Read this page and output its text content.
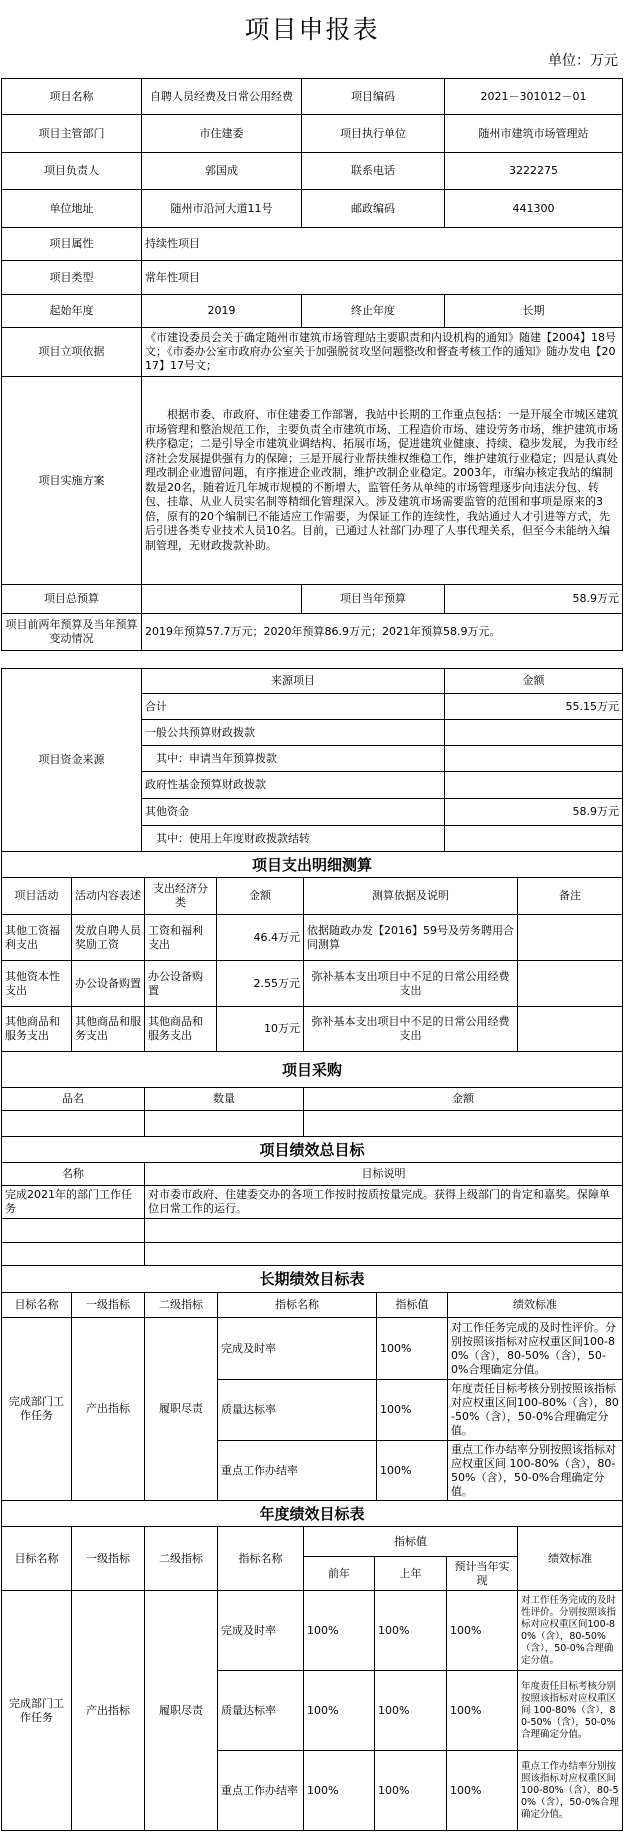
项目申报表
单位：万元
项目名称	自聘人员经费及日常公用经费	项目编码	2021－301012－01
项目主管部门	市住建委	项目执行单位	随州市建筑市场管理站
项目负责人	郭国成	联系电话	3222275
单位地址	随州市沿河大道11号	邮政编码	441300
项目属性	持续性项目		
项目类型	常年性项目		
起始年度	2019	终止年度	长期
项目立项依据	《市建设委员会关于确定随州市建筑市场管理站主要职责和内设机构的通知》随建【2004】18号文；《市委办公室市政府办公室关于加强脱贫攻坚问题整改和督查考核工作的通知》随办发电【2017】17号文；		
项目实施方案	根据市委、市政府、市住建委工作部署，我站中长期的工作重点包括：一是开展全市城区建筑市场管理和整治规范工作，主要负责全市建筑市场、工程造价市场、建设劳务市场，维护建筑市场秩序稳定；二是引导全市建筑业调结构、拓展市场，促进建筑业健康、持续、稳步发展，为我市经济社会发展提供强有力的保障；三是开展行业帮扶维权维稳工作，维护建筑行业稳定；四是认真处理改制企业遗留问题，有序推进企业改制，维护改制企业稳定。2003年，市编办核定我站的编制数是20名，随着近几年城市规模的不断增大，监管任务从单纯的市场管理逐步向违法分包、转包、挂靠、从业人员实名制等精细化管理深入。涉及建筑市场需要监管的范围和事项是原来的3倍，原有的20个编制已不能适应工作需要，为保证工作的连续性，我站通过人才引进等方式，先后引进各类专业技术人员10名。目前，已通过人社部门办理了人事代理关系，但至今未能纳入编制管理，无财政拨款补助。		
项目总预算		项目当年预算	58.9万元
项目前两年预算及当年预算变动情况	2019年预算57.7万元；2020年预算86.9万元；2021年预算58.9万元。		
项目资金来源	来源项目	金额
	合计	55.15万元
	一般公共预算财政拨款	
	其中：申请当年预算拨款	
	政府性基金预算财政拨款	
	其他资金	58.9万元
	其中：使用上年度财政拨款结转	
项目支出明细测算					
项目活动	活动内容表述	支出经济分类	金额	测算依据及说明	备注
其他工资福利支出	发放自聘人员奖励工资	工资和福利支出	46.4万元	依据随政办发【2016】59号及劳务聘用合同测算	
其他资本性支出	办公设备购置	办公设备购置	2.55万元	弥补基本支出项目中不足的日常公用经费支出	
其他商品和服务支出	其他商品和服务支出	其他商品和服务支出	10万元	弥补基本支出项目中不足的日常公用经费支出	
项目采购		
品名	数量	金额

项目绩效总目标	
名称	目标说明
完成2021年的部门工作任务	对市委市政府、住建委交办的各项工作按时按质按量完成。获得上级部门的肯定和嘉奖。保障单位日常工作的运行。

长期绩效目标表					
目标名称	一级指标	二级指标	指标名称	指标值	绩效标准
完成部门工作任务	产出指标	履职尽责	完成及时率	100%	对工作任务完成的及时性评价。分别按照该指标对应权重区间100-80%（含），80-50%（含），50-0%合理确定分值。
			质量达标率	100%	年度责任目标考核分别按照该指标对应权重区间100-80%（含），80-50%（含），50-0%合理确定分值。
			重点工作办结率	100%	重点工作办结率分别按照该指标对应权重区间 100-80%（含），80-50%（含），50-0%合理确定分值。
年度绩效目标表							
目标名称	一级指标	二级指标	指标名称	指标值			绩效标准
				前年	上年	预计当年实现	
完成部门工作任务	产出指标	履职尽责	完成及时率	100%	100%	100%	对工作任务完成的及时性评价。分别按照该指标对应权重区间100-80%（含），80-50%（含），50-0%合理确定分值。
			质量达标率	100%	100%	100%	年度责任目标考核分别按照该指标对应权重区间 100-80%（含），80-50%（含），50-0%合理确定分值。
			重点工作办结率	100%	100%	100%	重点工作办结率分别按照该指标对应权重区间 100-80%（含），80-50%（含），50-0%合理确定分值。
